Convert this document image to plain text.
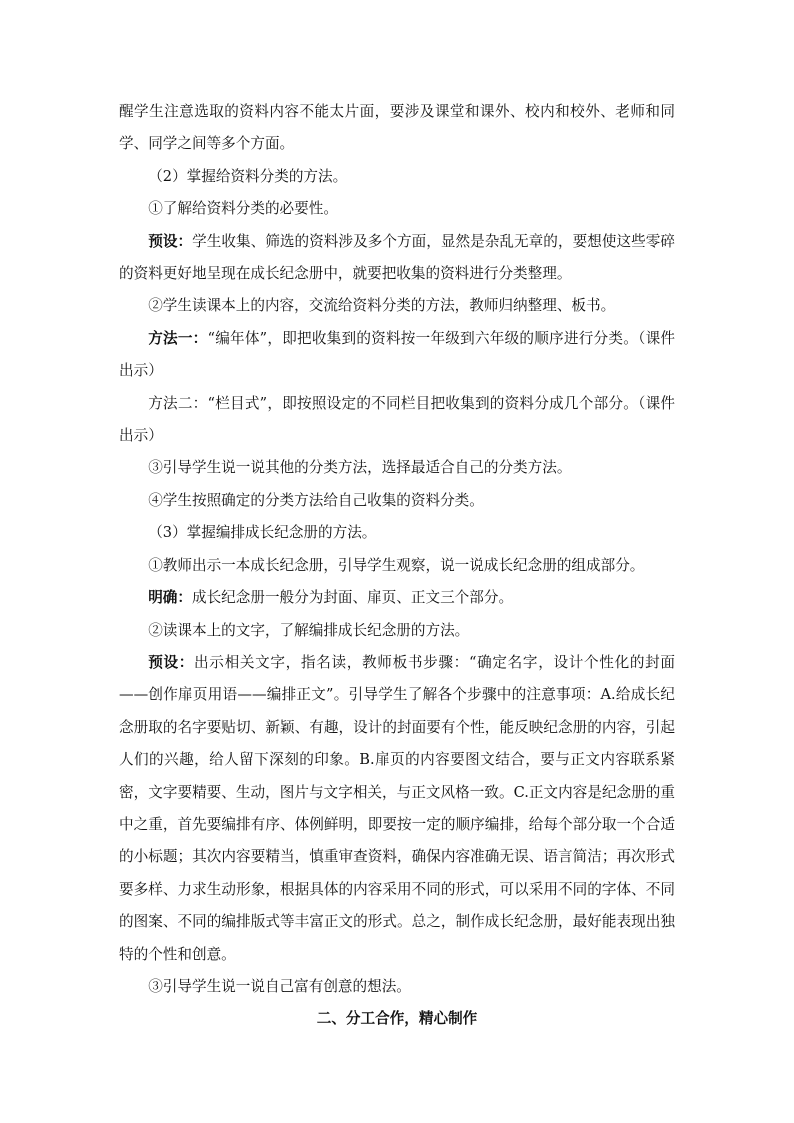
醒学生注意选取的资料内容不能太片面，要涉及课堂和课外、校内和校外、老师和同学、同学之间等多个方面。

（2）掌握给资料分类的方法。

①了解给资料分类的必要性。

预设：学生收集、筛选的资料涉及多个方面，显然是杂乱无章的，要想使这些零碎的资料更好地呈现在成长纪念册中，就要把收集的资料进行分类整理。

②学生读课本上的内容，交流给资料分类的方法，教师归纳整理、板书。

方法一：“编年体”，即把收集到的资料按一年级到六年级的顺序进行分类。（课件出示）

方法二：“栏目式”，即按照设定的不同栏目把收集到的资料分成几个部分。（课件出示）

③引导学生说一说其他的分类方法，选择最适合自己的分类方法。

④学生按照确定的分类方法给自己收集的资料分类。

（3）掌握编排成长纪念册的方法。

①教师出示一本成长纪念册，引导学生观察，说一说成长纪念册的组成部分。

明确：成长纪念册一般分为封面、扉页、正文三个部分。

②读课本上的文字，了解编排成长纪念册的方法。

预设：出示相关文字，指名读，教师板书步骤：“确定名字，设计个性化的封面——创作扉页用语——编排正文”。引导学生了解各个步骤中的注意事项：A.给成长纪念册取的名字要贴切、新颖、有趣，设计的封面要有个性，能反映纪念册的内容，引起人们的兴趣，给人留下深刻的印象。B.扉页的内容要图文结合，要与正文内容联系紧密，文字要精要、生动，图片与文字相关，与正文风格一致。C.正文内容是纪念册的重中之重，首先要编排有序、体例鲜明，即要按一定的顺序编排，给每个部分取一个合适的小标题；其次内容要精当，慎重审查资料，确保内容准确无误、语言简洁；再次形式要多样、力求生动形象，根据具体的内容采用不同的形式，可以采用不同的字体、不同的图案、不同的编排版式等丰富正文的形式。总之，制作成长纪念册，最好能表现出独特的个性和创意。

③引导学生说一说自己富有创意的想法。

二、分工合作，精心制作
